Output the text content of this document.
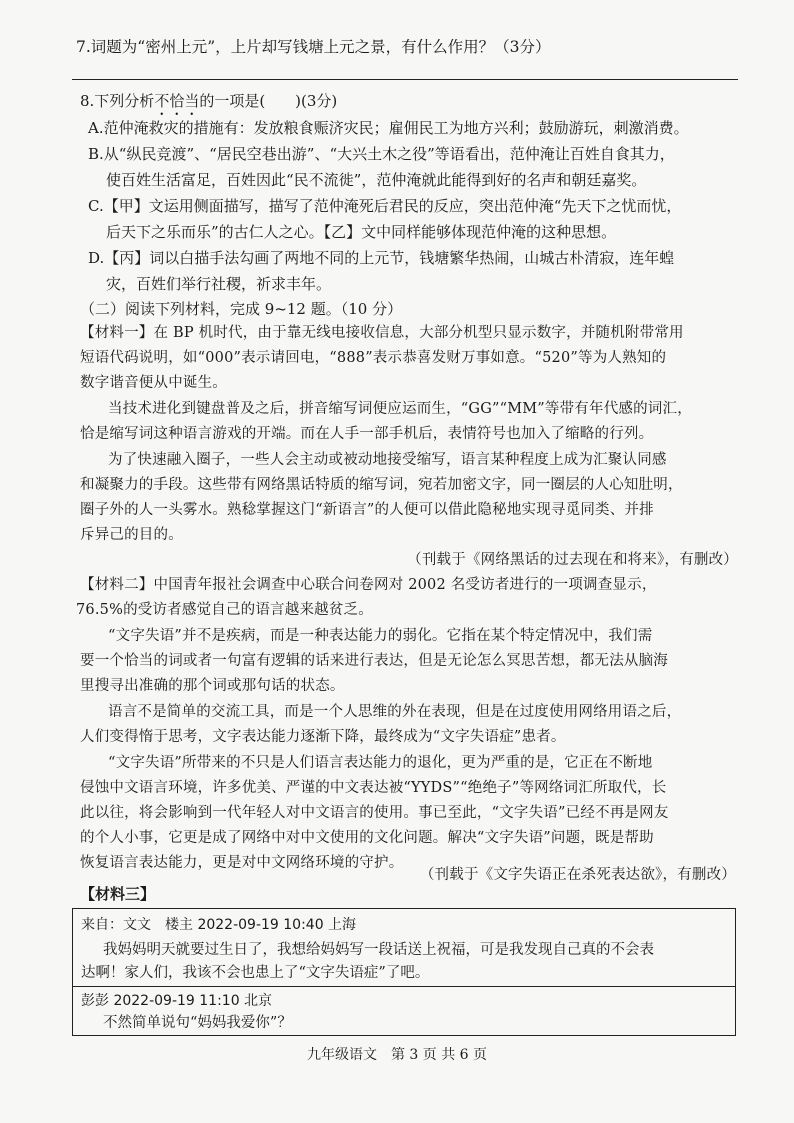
7.词题为“密州上元”，上片却写钱塘上元之景，有什么作用？（3分）
8.下列分析不恰当的一项是(　　)(3分)
A.范仲淹救灾的措施有：发放粮食赈济灾民；雇佣民工为地方兴利；鼓励游玩，刺激消费。
B.从“纵民竞渡”、“居民空巷出游”、“大兴土木之役”等语看出，范仲淹让百姓自食其力，
使百姓生活富足，百姓因此“民不流徙”，范仲淹就此能得到好的名声和朝廷嘉奖。
C.【甲】文运用侧面描写，描写了范仲淹死后君民的反应，突出范仲淹“先天下之忧而忧，
后天下之乐而乐”的古仁人之心。【乙】文中同样能够体现范仲淹的这种思想。
D.【丙】词以白描手法勾画了两地不同的上元节，钱塘繁华热闹，山城古朴清寂，连年蝗
灾，百姓们举行社稷，祈求丰年。
（二）阅读下列材料，完成 9~12 题。（10 分）
【材料一】在 BP 机时代，由于靠无线电接收信息，大部分机型只显示数字，并随机附带常用
短语代码说明，如“000”表示请回电，“888”表示恭喜发财万事如意。“520”等为人熟知的
数字谐音便从中诞生。
当技术进化到键盘普及之后，拼音缩写词便应运而生，“GG”“MM”等带有年代感的词汇，
恰是缩写词这种语言游戏的开端。而在人手一部手机后，表情符号也加入了缩略的行列。
为了快速融入圈子，一些人会主动或被动地接受缩写，语言某种程度上成为汇聚认同感
和凝聚力的手段。这些带有网络黑话特质的缩写词，宛若加密文字，同一圈层的人心知肚明，
圈子外的人一头雾水。熟稔掌握这门“新语言”的人便可以借此隐秘地实现寻觅同类、并排
斥异己的目的。
（刊载于《网络黑话的过去现在和将来》，有删改）
【材料二】中国青年报社会调查中心联合问卷网对 2002 名受访者进行的一项调查显示，
76.5%的受访者感觉自己的语言越来越贫乏。
“文字失语”并不是疾病，而是一种表达能力的弱化。它指在某个特定情况中，我们需
要一个恰当的词或者一句富有逻辑的话来进行表达，但是无论怎么冥思苦想，都无法从脑海
里搜寻出准确的那个词或那句话的状态。
语言不是简单的交流工具，而是一个人思维的外在表现，但是在过度使用网络用语之后，
人们变得惰于思考，文字表达能力逐渐下降，最终成为“文字失语症”患者。
“文字失语”所带来的不只是人们语言表达能力的退化，更为严重的是，它正在不断地
侵蚀中文语言环境，许多优美、严谨的中文表达被“YYDS”“绝绝子”等网络词汇所取代，长
此以往，将会影响到一代年轻人对中文语言的使用。事已至此，“文字失语”已经不再是网友
的个人小事，它更是成了网络中对中文使用的文化问题。解决“文字失语”问题，既是帮助
恢复语言表达能力，更是对中文网络环境的守护。
（刊载于《文字失语正在杀死表达欲》，有删改）
【材料三】
来自：文文　楼主 2022-09-19 10:40 上海
我妈妈明天就要过生日了，我想给妈妈写一段话送上祝福，可是我发现自己真的不会表
达啊！家人们，我该不会也患上了“文字失语症”了吧。
彭彭 2022-09-19 11:10 北京
不然简单说句“妈妈我爱你”？
九年级语文　第 3 页 共 6 页
